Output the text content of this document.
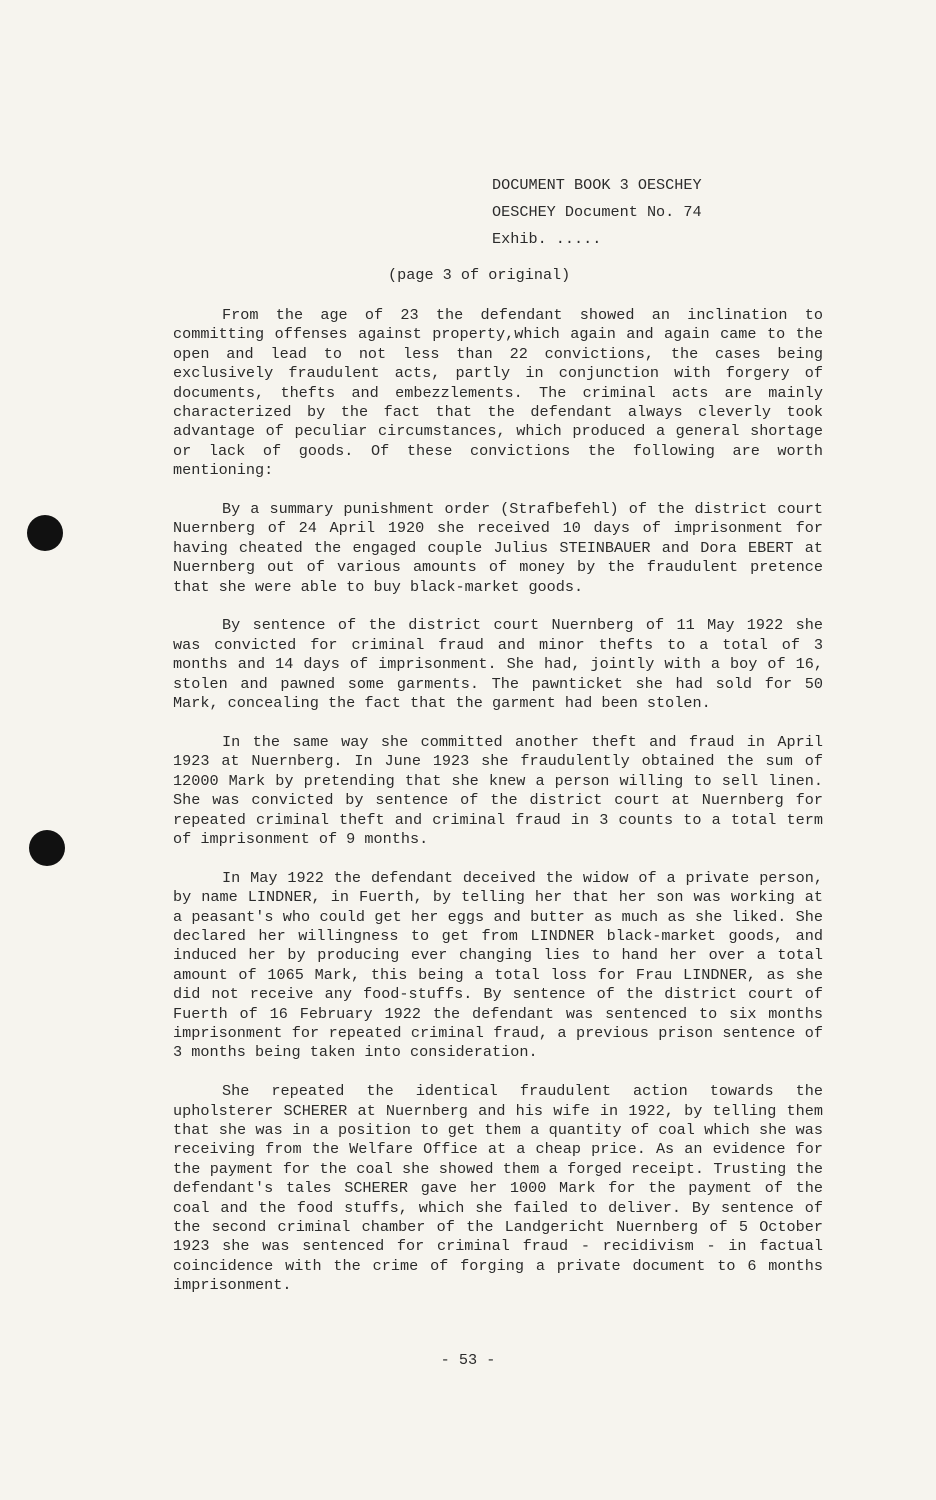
DOCUMENT BOOK 3 OESCHEY
OESCHEY Document No. 74
Exhib. .....
(page 3 of original)

From the age of 23 the defendant showed an inclination to committing offenses against property,which again and again came to the open and lead to not less than 22 convictions, the cases being exclusively fraudulent acts, partly in conjunction with forgery of documents, thefts and embezzlements. The criminal acts are mainly characterized by the fact that the defendant always cleverly took advantage of peculiar circumstances, which produced a general shortage or lack of goods. Of these convictions the following are worth mentioning:

By a summary punishment order (Strafbefehl) of the district court Nuernberg of 24 April 1920 she received 10 days of imprisonment for having cheated the engaged couple Julius STEINBAUER and Dora EBERT at Nuernberg out of various amounts of money by the fraudulent pretence that she were able to buy black-market goods.

By sentence of the district court Nuernberg of 11 May 1922 she was convicted for criminal fraud and minor thefts to a total of 3 months and 14 days of imprisonment. She had, jointly with a boy of 16, stolen and pawned some garments. The pawnticket she had sold for 50 Mark, concealing the fact that the garment had been stolen.

In the same way she committed another theft and fraud in April 1923 at Nuernberg. In June 1923 she fraudulently obtained the sum of 12000 Mark by pretending that she knew a person willing to sell linen. She was convicted by sentence of the district court at Nuernberg for repeated criminal theft and criminal fraud in 3 counts to a total term of imprisonment of 9 months.

In May 1922 the defendant deceived the widow of a private person, by name LINDNER, in Fuerth, by telling her that her son was working at a peasant's who could get her eggs and butter as much as she liked. She declared her willingness to get from LINDNER black-market goods, and induced her by producing ever changing lies to hand her over a total amount of 1065 Mark, this being a total loss for Frau LINDNER, as she did not receive any food-stuffs. By sentence of the district court of Fuerth of 16 February 1922 the defendant was sentenced to six months imprisonment for repeated criminal fraud, a previous prison sentence of 3 months being taken into consideration.

She repeated the identical fraudulent action towards the upholsterer SCHERER at Nuernberg and his wife in 1922, by telling them that she was in a position to get them a quantity of coal which she was receiving from the Welfare Office at a cheap price. As an evidence for the payment for the coal she showed them a forged receipt. Trusting the defendant's tales SCHERER gave her 1000 Mark for the payment of the coal and the food stuffs, which she failed to deliver. By sentence of the second criminal chamber of the Landgericht Nuernberg of 5 October 1923 she was sentenced for criminal fraud - recidivism - in factual coincidence with the crime of forging a private document to 6 months imprisonment.

- 53 -
